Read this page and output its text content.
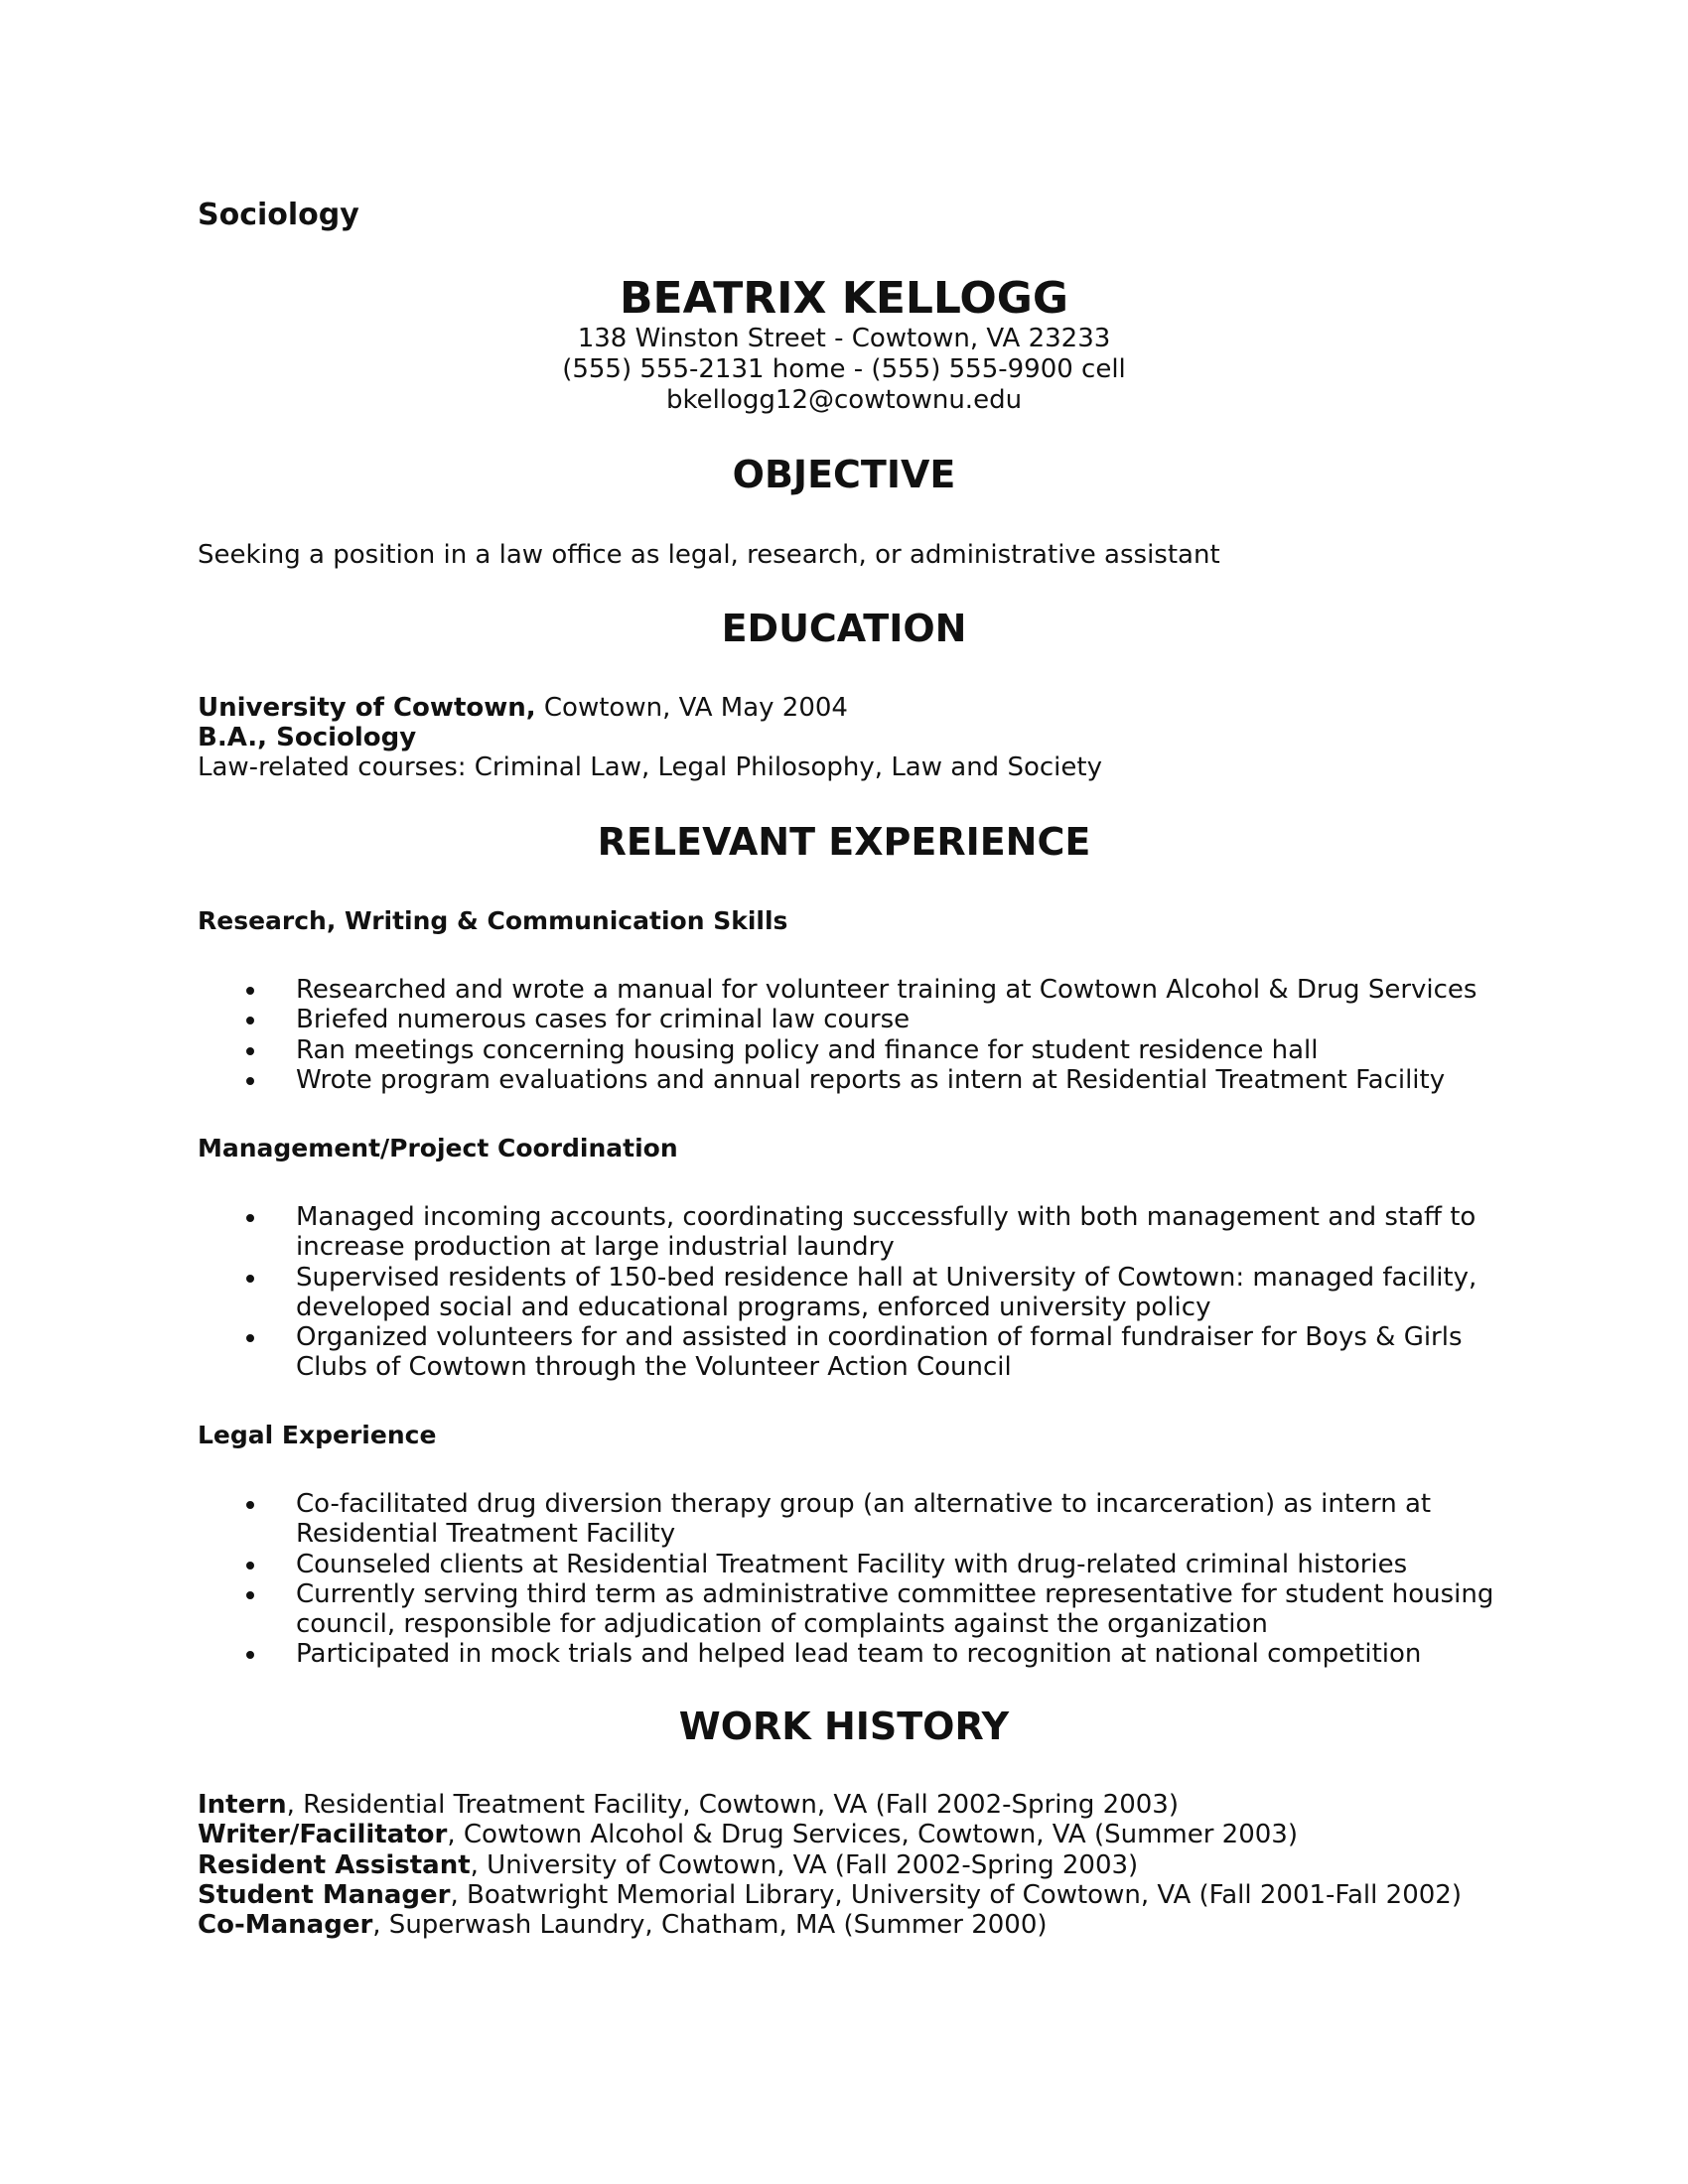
Sociology
BEATRIX KELLOGG
138 Winston Street - Cowtown, VA 23233
(555) 555-2131 home - (555) 555-9900 cell
bkellogg12@cowtownu.edu
OBJECTIVE
Seeking a position in a law office as legal, research, or administrative assistant
EDUCATION
University of Cowtown, Cowtown, VA May 2004
B.A., Sociology
Law-related courses: Criminal Law, Legal Philosophy, Law and Society
RELEVANT EXPERIENCE
Research, Writing & Communication Skills
Researched and wrote a manual for volunteer training at Cowtown Alcohol & Drug Services
Briefed numerous cases for criminal law course
Ran meetings concerning housing policy and finance for student residence hall
Wrote program evaluations and annual reports as intern at Residential Treatment Facility
Management/Project Coordination
Managed incoming accounts, coordinating successfully with both management and staff to increase production at large industrial laundry
Supervised residents of 150-bed residence hall at University of Cowtown: managed facility, developed social and educational programs, enforced university policy
Organized volunteers for and assisted in coordination of formal fundraiser for Boys & Girls Clubs of Cowtown through the Volunteer Action Council
Legal Experience
Co-facilitated drug diversion therapy group (an alternative to incarceration) as intern at Residential Treatment Facility
Counseled clients at Residential Treatment Facility with drug-related criminal histories
Currently serving third term as administrative committee representative for student housing council, responsible for adjudication of complaints against the organization
Participated in mock trials and helped lead team to recognition at national competition
WORK HISTORY
Intern, Residential Treatment Facility, Cowtown, VA (Fall 2002-Spring 2003)
Writer/Facilitator, Cowtown Alcohol & Drug Services, Cowtown, VA (Summer 2003)
Resident Assistant, University of Cowtown, VA (Fall 2002-Spring 2003)
Student Manager, Boatwright Memorial Library, University of Cowtown, VA (Fall 2001-Fall 2002)
Co-Manager, Superwash Laundry, Chatham, MA (Summer 2000)
